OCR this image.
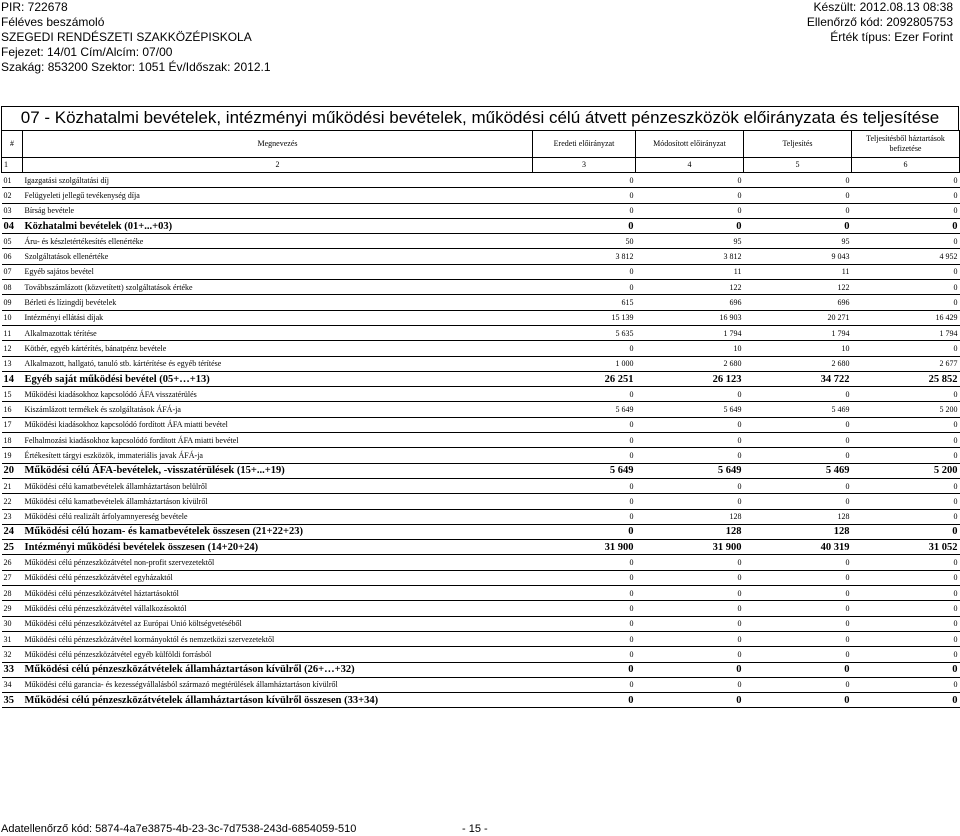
PIR: 722678
Féléves beszámoló
SZEGEDI RENDÉSZETI SZAKKÖZÉPISKOLA
Fejezet: 14/01 Cím/Alcím: 07/00
Szakág: 853200 Szektor: 1051 Év/Időszak: 2012.1
Készült: 2012.08.13 08:38
Ellenőrző kód: 2092805753
Érték típus: Ezer Forint
07 - Közhatalmi bevételek, intézményi működési bevételek, működési célú átvett pénzeszközök előirányzata és teljesítése
#	Megnevezés	Eredeti előirányzat	Módosított előirányzat	Teljesítés	Teljesítésből háztartások befizetése
1	2	3	4	5	6
01	Igazgatási szolgáltatási díj	0	0	0	0
02	Felügyeleti jellegű tevékenység díja	0	0	0	0
03	Bírság bevétele	0	0	0	0
04	Közhatalmi bevételek (01+...+03)	0	0	0	0
05	Áru- és készletértékesítés ellenértéke	50	95	95	0
06	Szolgáltatások ellenértéke	3 812	3 812	9 043	4 952
07	Egyéb sajátos bevétel	0	11	11	0
08	Továbbszámlázott (közvetített) szolgáltatások értéke	0	122	122	0
09	Bérleti és lízingdíj bevételek	615	696	696	0
10	Intézményi ellátási díjak	15 139	16 903	20 271	16 429
11	Alkalmazottak térítése	5 635	1 794	1 794	1 794
12	Kötbér, egyéb kártérítés, bánatpénz bevétele	0	10	10	0
13	Alkalmazott, hallgató, tanuló stb. kártérítése és egyéb térítése	1 000	2 680	2 680	2 677
14	Egyéb saját működési bevétel (05+…+13)	26 251	26 123	34 722	25 852
15	Működési kiadásokhoz kapcsolódó ÁFA visszatérülés	0	0	0	0
16	Kiszámlázott termékek és szolgáltatások ÁFÁ-ja	5 649	5 649	5 469	5 200
17	Működési kiadásokhoz kapcsolódó fordított ÁFA miatti bevétel	0	0	0	0
18	Felhalmozási kiadásokhoz kapcsolódó fordított ÁFA miatti bevétel	0	0	0	0
19	Értékesített tárgyi eszközök, immateriális javak ÁFÁ-ja	0	0	0	0
20	Működési célú ÁFA-bevételek, -visszatérülések (15+...+19)	5 649	5 649	5 469	5 200
21	Működési célú kamatbevételek államháztartáson belülről	0	0	0	0
22	Működési célú kamatbevételek államháztartáson kívülről	0	0	0	0
23	Működési célú realizált árfolyamnyereség bevétele	0	128	128	0
24	Működési célú hozam- és kamatbevételek összesen (21+22+23)	0	128	128	0
25	Intézményi működési bevételek összesen (14+20+24)	31 900	31 900	40 319	31 052
26	Működési célú pénzeszközátvétel non-profit szervezetektől	0	0	0	0
27	Működési célú pénzeszközátvétel egyházaktól	0	0	0	0
28	Működési célú pénzeszközátvétel háztartásoktól	0	0	0	0
29	Működési célú pénzeszközátvétel vállalkozásoktól	0	0	0	0
30	Működési célú pénzeszközátvétel az Európai Unió költségvetéséből	0	0	0	0
31	Működési célú pénzeszközátvétel kormányoktól és nemzetközi szervezetektől	0	0	0	0
32	Működési célú pénzeszközátvétel egyéb külföldi forrásból	0	0	0	0
33	Működési célú pénzeszközátvételek államháztartáson kívülről (26+…+32)	0	0	0	0
34	Működési célú garancia- és kezességvállalásból származó megtérülések államháztartáson kívülről	0	0	0	0
35	Működési célú pénzeszközátvételek államháztartáson kívülről összesen (33+34)	0	0	0	0
Adatellenőrző kód: 5874-4a7e3875-4b-23-3c-7d7538-243d-6854059-510	- 15 -
